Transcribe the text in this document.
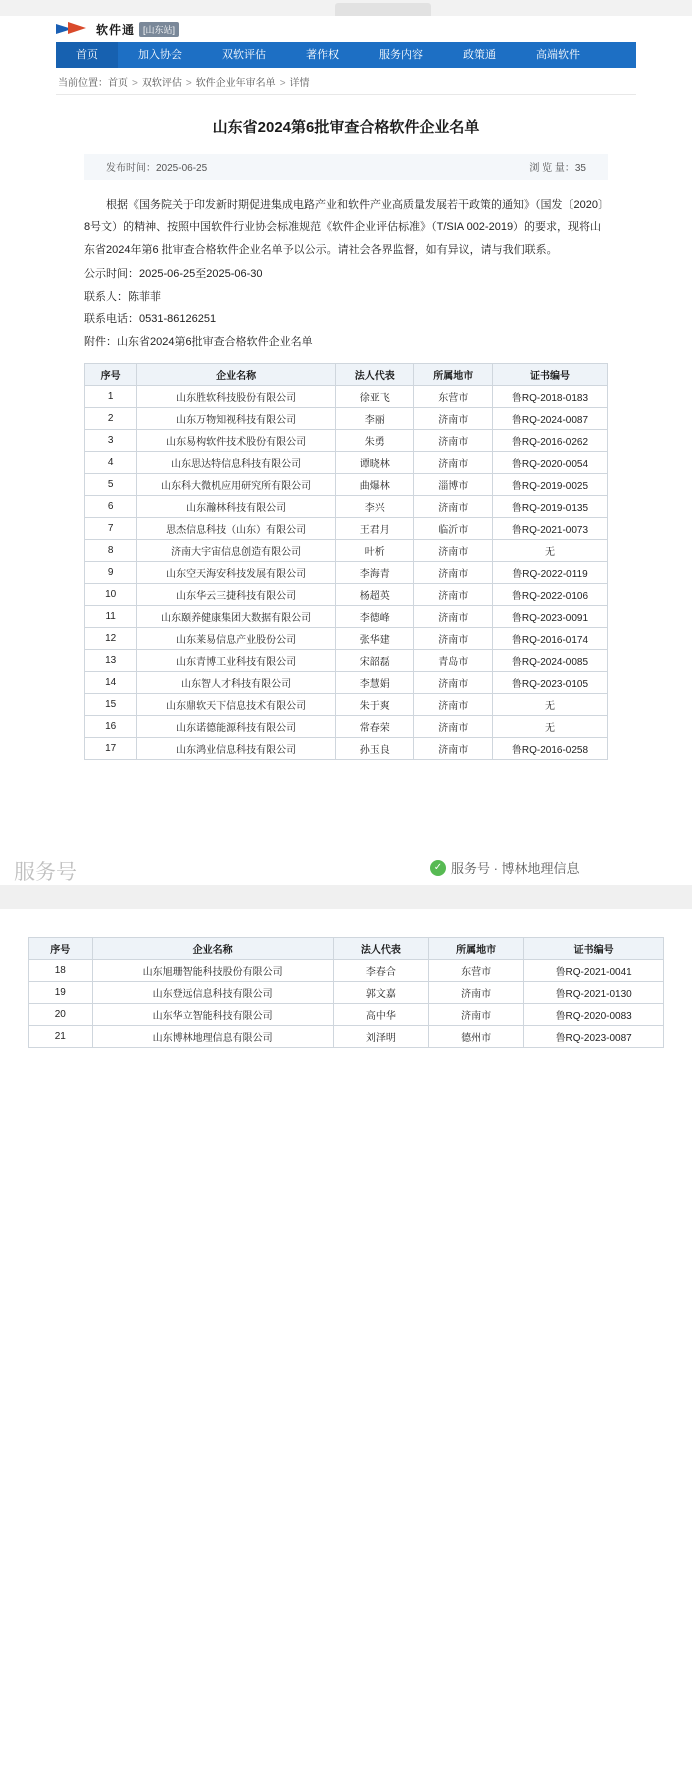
软件通 [山东站]
首页	加入协会	双软评估	著作权	服务内容	政策通	高端软件
当前位置：首页 > 双软评估 > 软件企业年审名单 > 详情
山东省2024第6批审查合格软件企业名单
发布时间：2025-06-25	浏 览 量：35

根据《国务院关于印发新时期促进集成电路产业和软件产业高质量发展若干政策的通知》（国发〔2020〕8号文）的精神、按照中国软件行业协会标准规范《软件企业评估标准》（T/SIA 002-2019）的要求，现将山东省2024年第6 批审查合格软件企业名单予以公示。请社会各界监督，如有异议，请与我们联系。

公示时间：2025-06-25至2025-06-30

联系人：陈菲菲

联系电话：0531-86126251

附件：山东省2024第6批审查合格软件企业名单

序号	企业名称	法人代表	所属地市	证书编号
1	山东胜软科技股份有限公司	徐亚飞	东营市	鲁RQ-2018-0183
2	山东万物知视科技有限公司	李丽	济南市	鲁RQ-2024-0087
3	山东易构软件技术股份有限公司	朱勇	济南市	鲁RQ-2016-0262
4	山东思达特信息科技有限公司	谭晓林	济南市	鲁RQ-2020-0054
5	山东科大微机应用研究所有限公司	曲爆林	淄博市	鲁RQ-2019-0025
6	山东瀚林科技有限公司	李兴	济南市	鲁RQ-2019-0135
7	思杰信息科技（山东）有限公司	王君月	临沂市	鲁RQ-2021-0073
8	济南大宇宙信息创造有限公司	叶析	济南市	无
9	山东空天海安科技发展有限公司	李海青	济南市	鲁RQ-2022-0119
10	山东华云三捷科技有限公司	杨超英	济南市	鲁RQ-2022-0106
11	山东颐养健康集团大数据有限公司	李德峰	济南市	鲁RQ-2023-0091
12	山东莱易信息产业股份公司	张华建	济南市	鲁RQ-2016-0174
13	山东青博工业科技有限公司	宋韶磊	青岛市	鲁RQ-2024-0085
14	山东智人才科技有限公司	李慧娟	济南市	鲁RQ-2023-0105
15	山东鼎软天下信息技术有限公司	朱于爽	济南市	无
16	山东诺德能源科技有限公司	常春荣	济南市	无
17	山东鸿业信息科技有限公司	孙玉良	济南市	鲁RQ-2016-0258
序号	企业名称	法人代表	所属地市	证书编号
18	山东旭珊智能科技股份有限公司	李春合	东营市	鲁RQ-2021-0041
19	山东登远信息科技有限公司	郭文嘉	济南市	鲁RQ-2021-0130
20	山东华立智能科技有限公司	高中华	济南市	鲁RQ-2020-0083
21	山东博林地理信息有限公司	刘泽明	德州市	鲁RQ-2023-0087
服务号	✓ 服务号 · 博林地理信息
